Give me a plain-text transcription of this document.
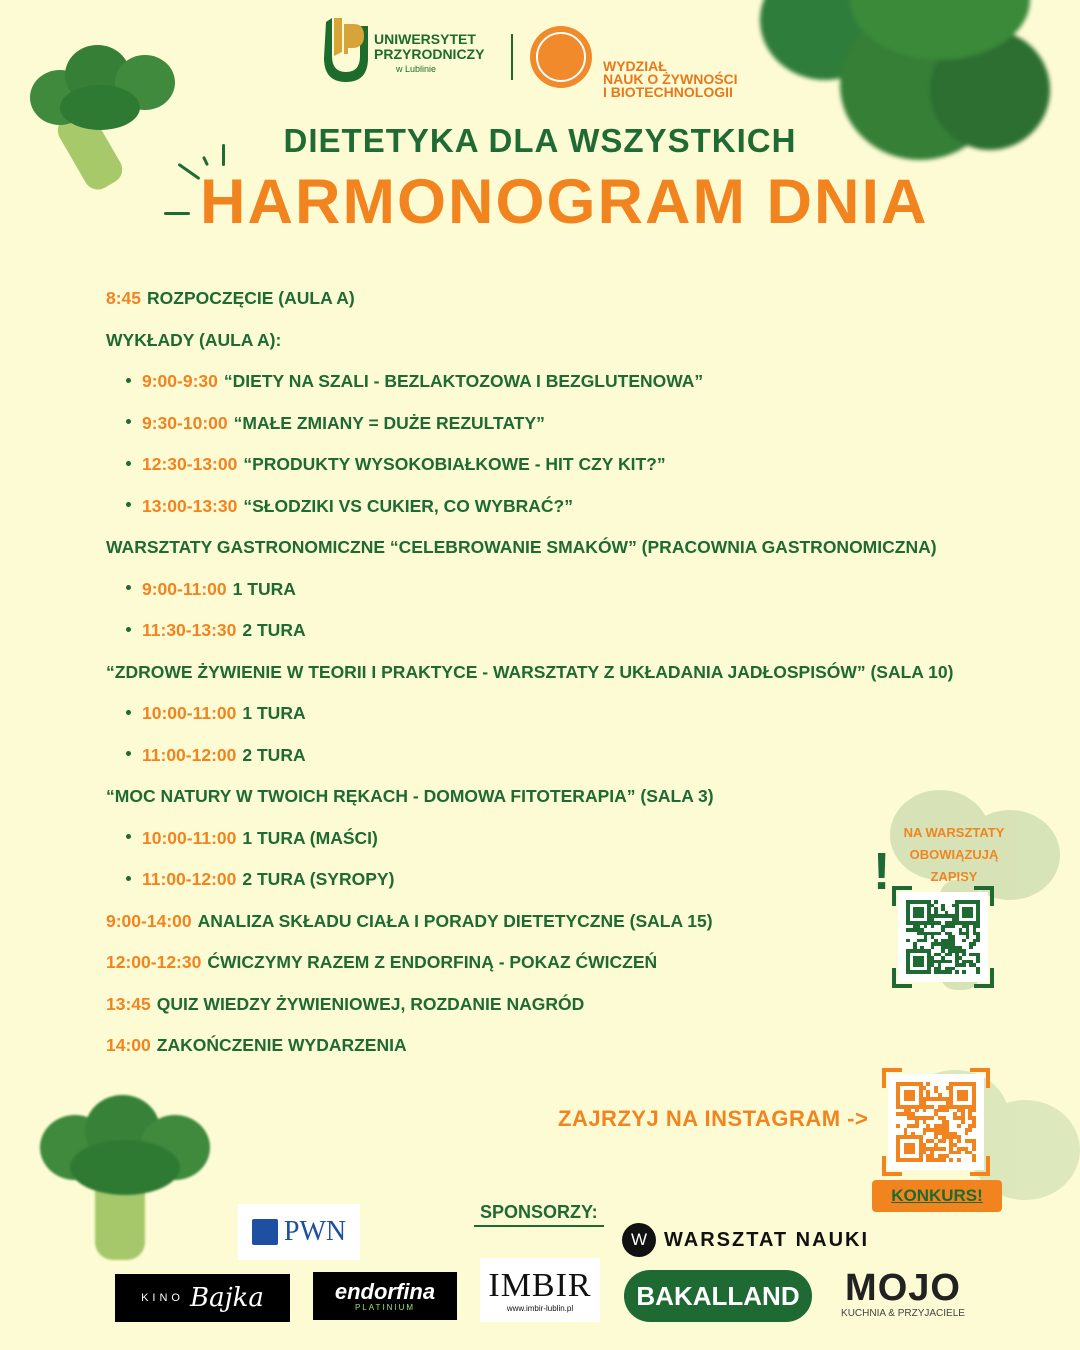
UNIWERSYTET
PRZYRODNICZY
w Lublinie	WYDZIAŁ
NAUK O ŻYWNOŚCI
I BIOTECHNOLOGII
DIETETYKA DLA WSZYSTKICH
HARMONOGRAM DNIA
8:45 ROZPOCZĘCIE (AULA A)
WYKŁADY (AULA A):
9:00-9:30 “DIETY NA SZALI - BEZLAKTOZOWA I BEZGLUTENOWA”
9:30-10:00 “MAŁE ZMIANY = DUŻE REZULTATY”
12:30-13:00 “PRODUKTY WYSOKOBIAŁKOWE - HIT CZY KIT?”
13:00-13:30 “SŁODZIKI VS CUKIER, CO WYBRAĆ?”
WARSZTATY GASTRONOMICZNE “CELEBROWANIE SMAKÓW” (PRACOWNIA GASTRONOMICZNA)
9:00-11:00 1 TURA
11:30-13:30 2 TURA
“ZDROWE ŻYWIENIE W TEORII I PRAKTYCE - WARSZTATY Z UKŁADANIA JADŁOSPISÓW” (SALA 10)
10:00-11:00 1 TURA
11:00-12:00 2 TURA
“MOC NATURY W TWOICH RĘKACH - DOMOWA FITOTERAPIA” (SALA 3)
10:00-11:00 1 TURA (MAŚCI)
11:00-12:00 2 TURA (SYROPY)
9:00-14:00 ANALIZA SKŁADU CIAŁA I PORADY DIETETYCZNE (SALA 15)
12:00-12:30 ĆWICZYMY RAZEM Z ENDORFINĄ - POKAZ ĆWICZEŃ
13:45 QUIZ WIEDZY ŻYWIENIOWEJ, ROZDANIE NAGRÓD
14:00 ZAKOŃCZENIE WYDARZENIA
!
NA WARSZTATY
OBOWIĄZUJĄ
ZAPISY
ZAJRZYJ NA INSTAGRAM ->
KONKURS!
SPONSORZY:
PWN	W WARSZTAT NAUKI
KINO Bajka	endorfina
PLATINIUM
IMBIR
www.imbir-lublin.pl BAKALLAND MOJO
KUCHNIA & PRZYJACIELE
